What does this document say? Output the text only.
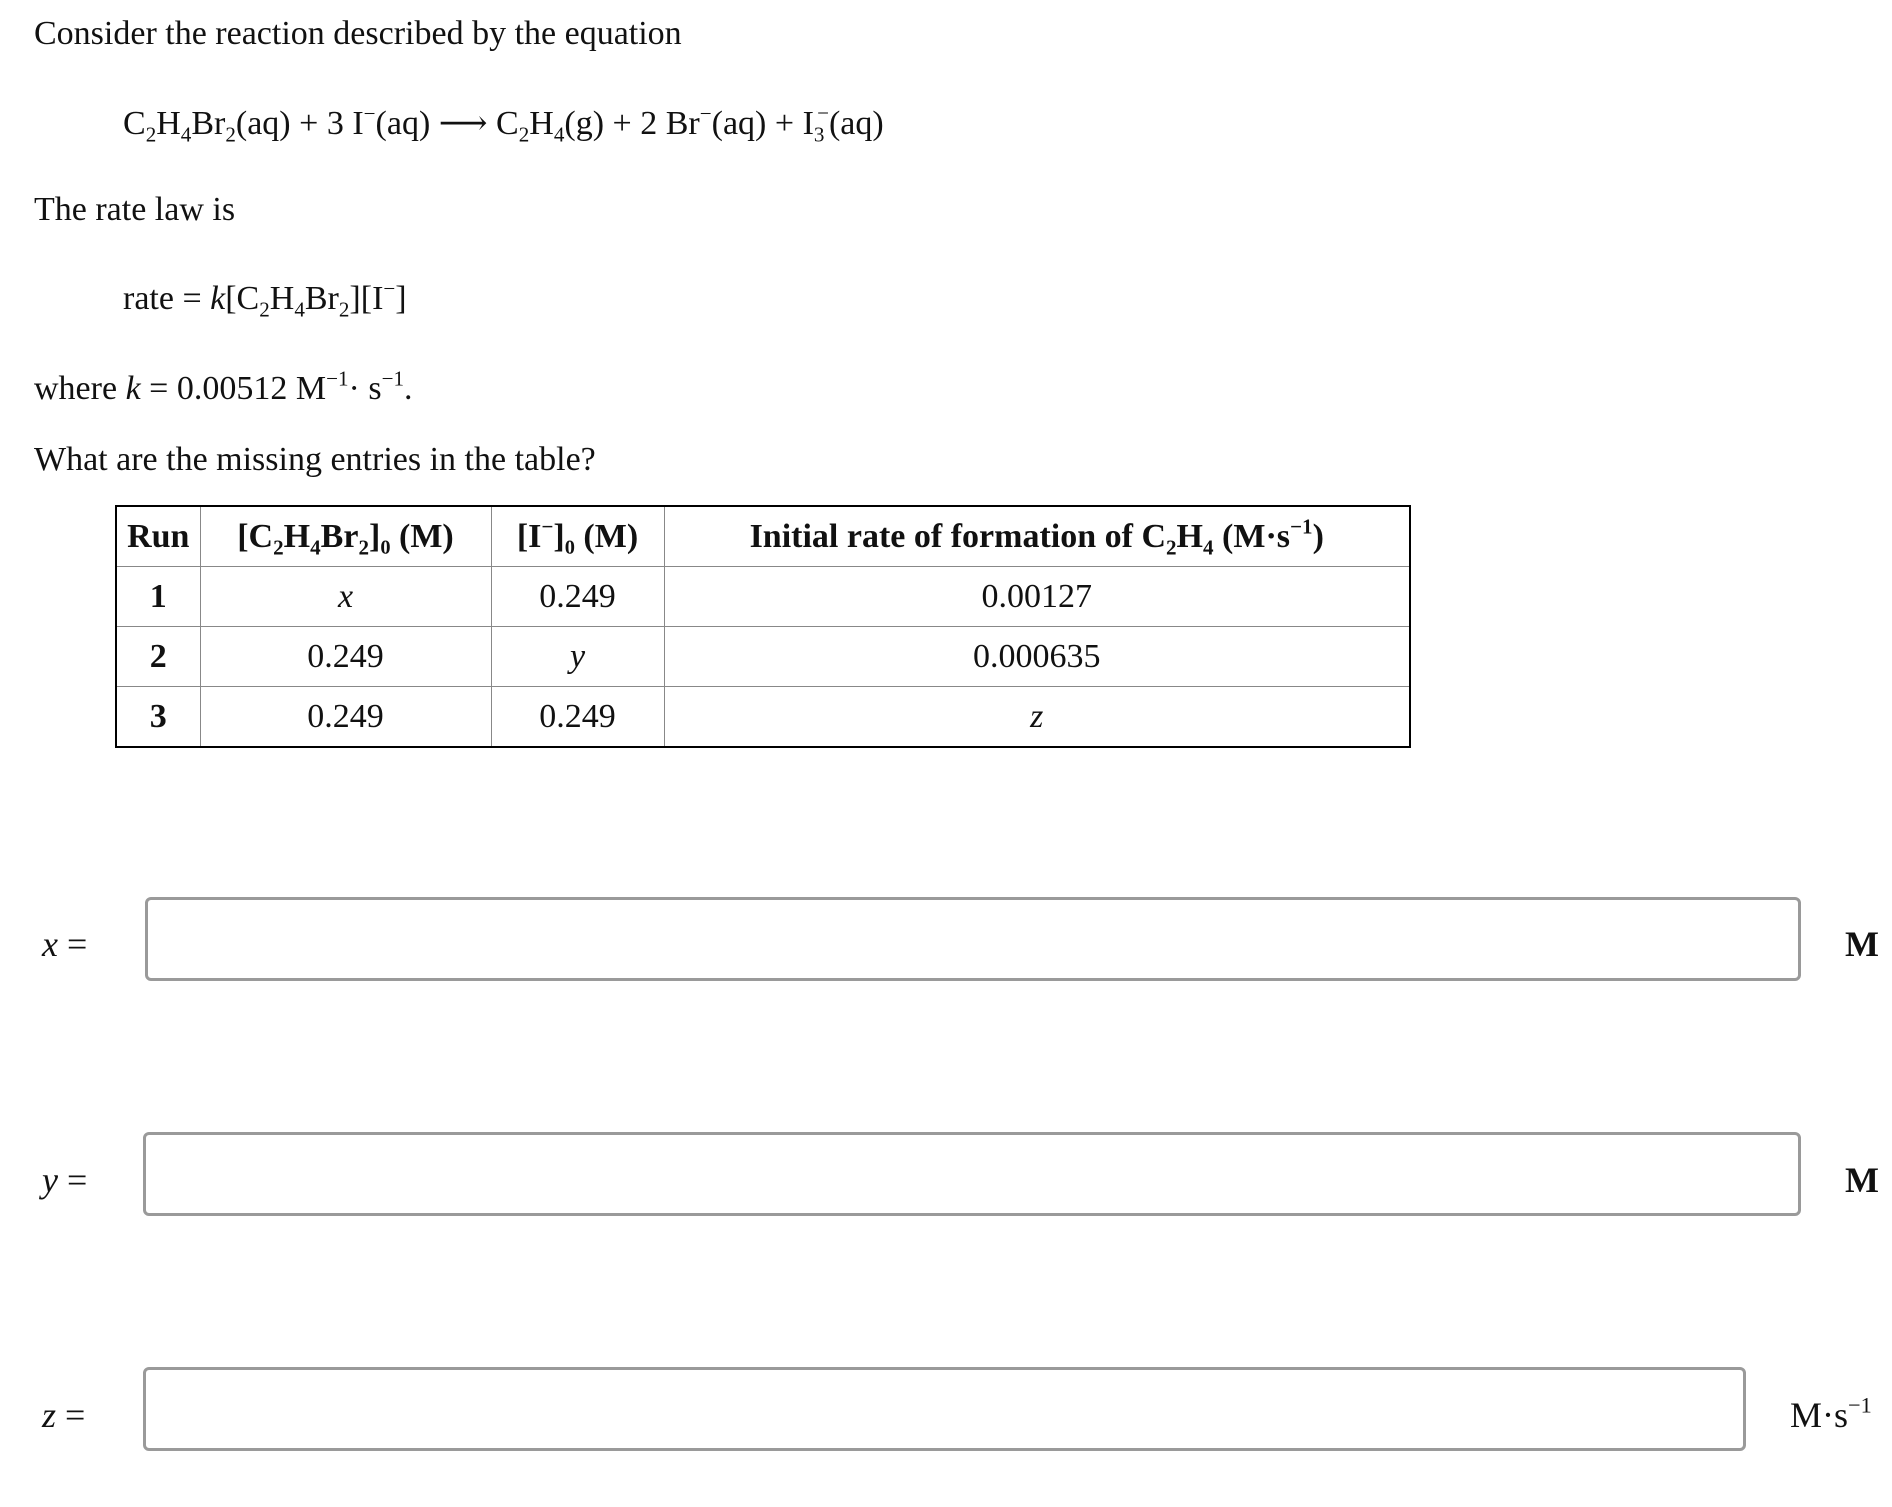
Consider the reaction described by the equation
$C_2H_4Br_2(aq) + 3$ I−(aq) ⟶ $C_2H_4(g) + 2$ $Br^-(aq) + I_3^-(aq)$
The rate law is
rate = $k[C_2H_4Br_2][I^-]$
where k = 0.00512 $M^{-1}\cdot s^{-1}$.
What are the missing entries in the table?
Run	$[C_2H_4Br_2]_0$ (M)	[I−]₀ (M)	Initial rate of formation of $C_2H_4$ $(M\cdot s^{-1})$
1	x	0.249	0.00127
2	0.249	y	0.000635
3	0.249	0.249	z
x =	M
y =	M
z =	$M\cdot s^{-1}$
